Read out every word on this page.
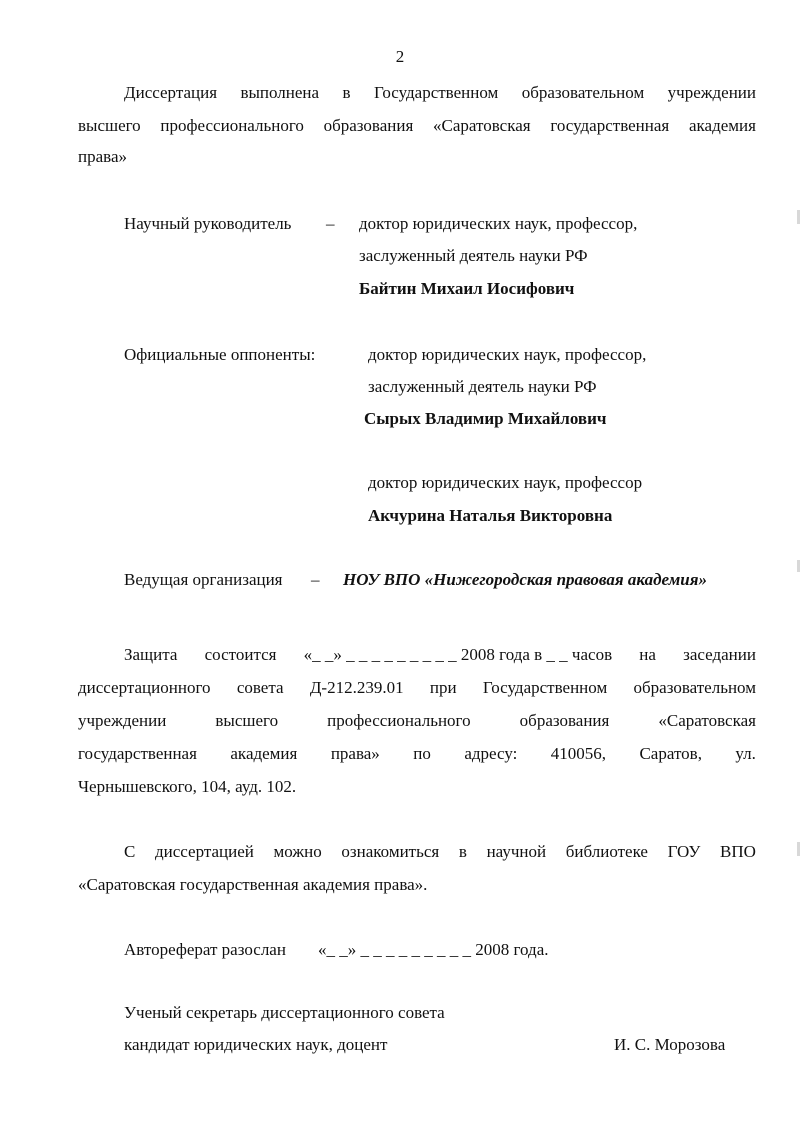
2
Диссертация выполнена в Государственном образовательном учреждении
высшего профессионального образования «Саратовская государственная академия
права»
Научный руководитель – доктор юридических наук, профессор,
заслуженный деятель науки РФ
Байтин Михаил Иосифович
Официальные оппоненты:	доктор юридических наук, профессор,
заслуженный деятель науки РФ
Сырых Владимир Михайлович
доктор юридических наук, профессор
Акчурина Наталья Викторовна
Ведущая организация – НОУ ВПО «Нижегородская правовая академия»
Защита состоится «_ _» _ _ _ _ _ _ _ _ _ 2008 года в _ _ часов на заседании
диссертационного совета Д-212.239.01 при Государственном образовательном
учреждении	высшего	профессионального	образования	«Саратовская
государственная академия права» по адресу: 410056, Саратов, ул.
Чернышевского, 104, ауд. 102.
С диссертацией можно ознакомиться в научной библиотеке ГОУ ВПО
«Саратовская государственная академия права».
Автореферат разослан «_ _» _ _ _ _ _ _ _ _ _ 2008 года.
Ученый секретарь диссертационного совета
кандидат юридических наук, доцент	И. С. Морозова
